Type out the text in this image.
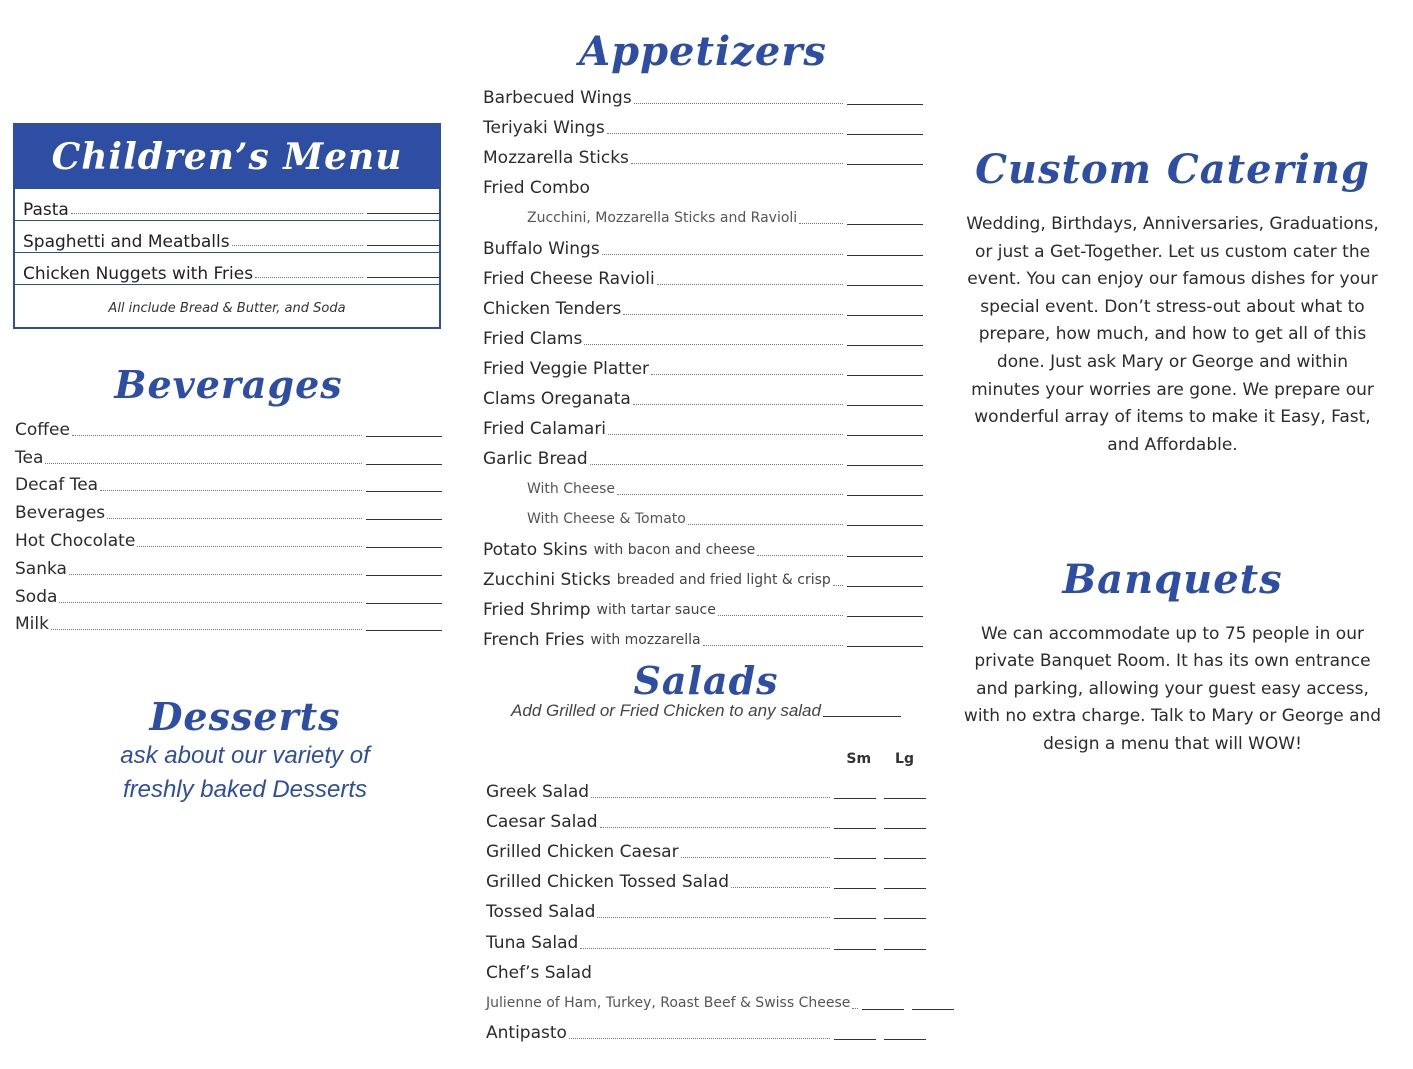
Children’s Menu
Pasta
Spaghetti and Meatballs
Chicken Nuggets with Fries

All include Bread & Butter, and Soda

Beverages
Coffee
Tea
Decaf Tea
Beverages
Hot Chocolate
Sanka
Soda
Milk
Desserts

ask about our variety of

freshly baked Desserts

Appetizers
Barbecued Wings
Teriyaki Wings
Mozzarella Sticks
Fried Combo
Zucchini, Mozzarella Sticks and Ravioli
Buffalo Wings
Fried Cheese Ravioli
Chicken Tenders
Fried Clams
Fried Veggie Platter
Clams Oreganata
Fried Calamari
Garlic Bread
With Cheese
With Cheese & Tomato
Potato Skins with bacon and cheese
Zucchini Sticks breaded and fried light & crisp
Fried Shrimp with tartar sauce
French Fries with mozzarella
Salads
Add Grilled or Fried Chicken to any salad
Sm Lg
Greek Salad
Caesar Salad
Grilled Chicken Caesar
Grilled Chicken Tossed Salad
Tossed Salad
Tuna Salad
Chef’s Salad
Julienne of Ham, Turkey, Roast Beef & Swiss Cheese
Antipasto
Custom Catering

Wedding, Birthdays, Anniversaries, Graduations, or just a Get-Together. Let us custom cater the event. You can enjoy our famous dishes for your special event. Don’t stress-out about what to prepare, how much, and how to get all of this done. Just ask Mary or George and within minutes your worries are gone. We prepare our wonderful array of items to make it Easy, Fast, and Affordable.

Banquets

We can accommodate up to 75 people in our private Banquet Room. It has its own entrance and parking, allowing your guest easy access, with no extra charge. Talk to Mary or George and design a menu that will WOW!
